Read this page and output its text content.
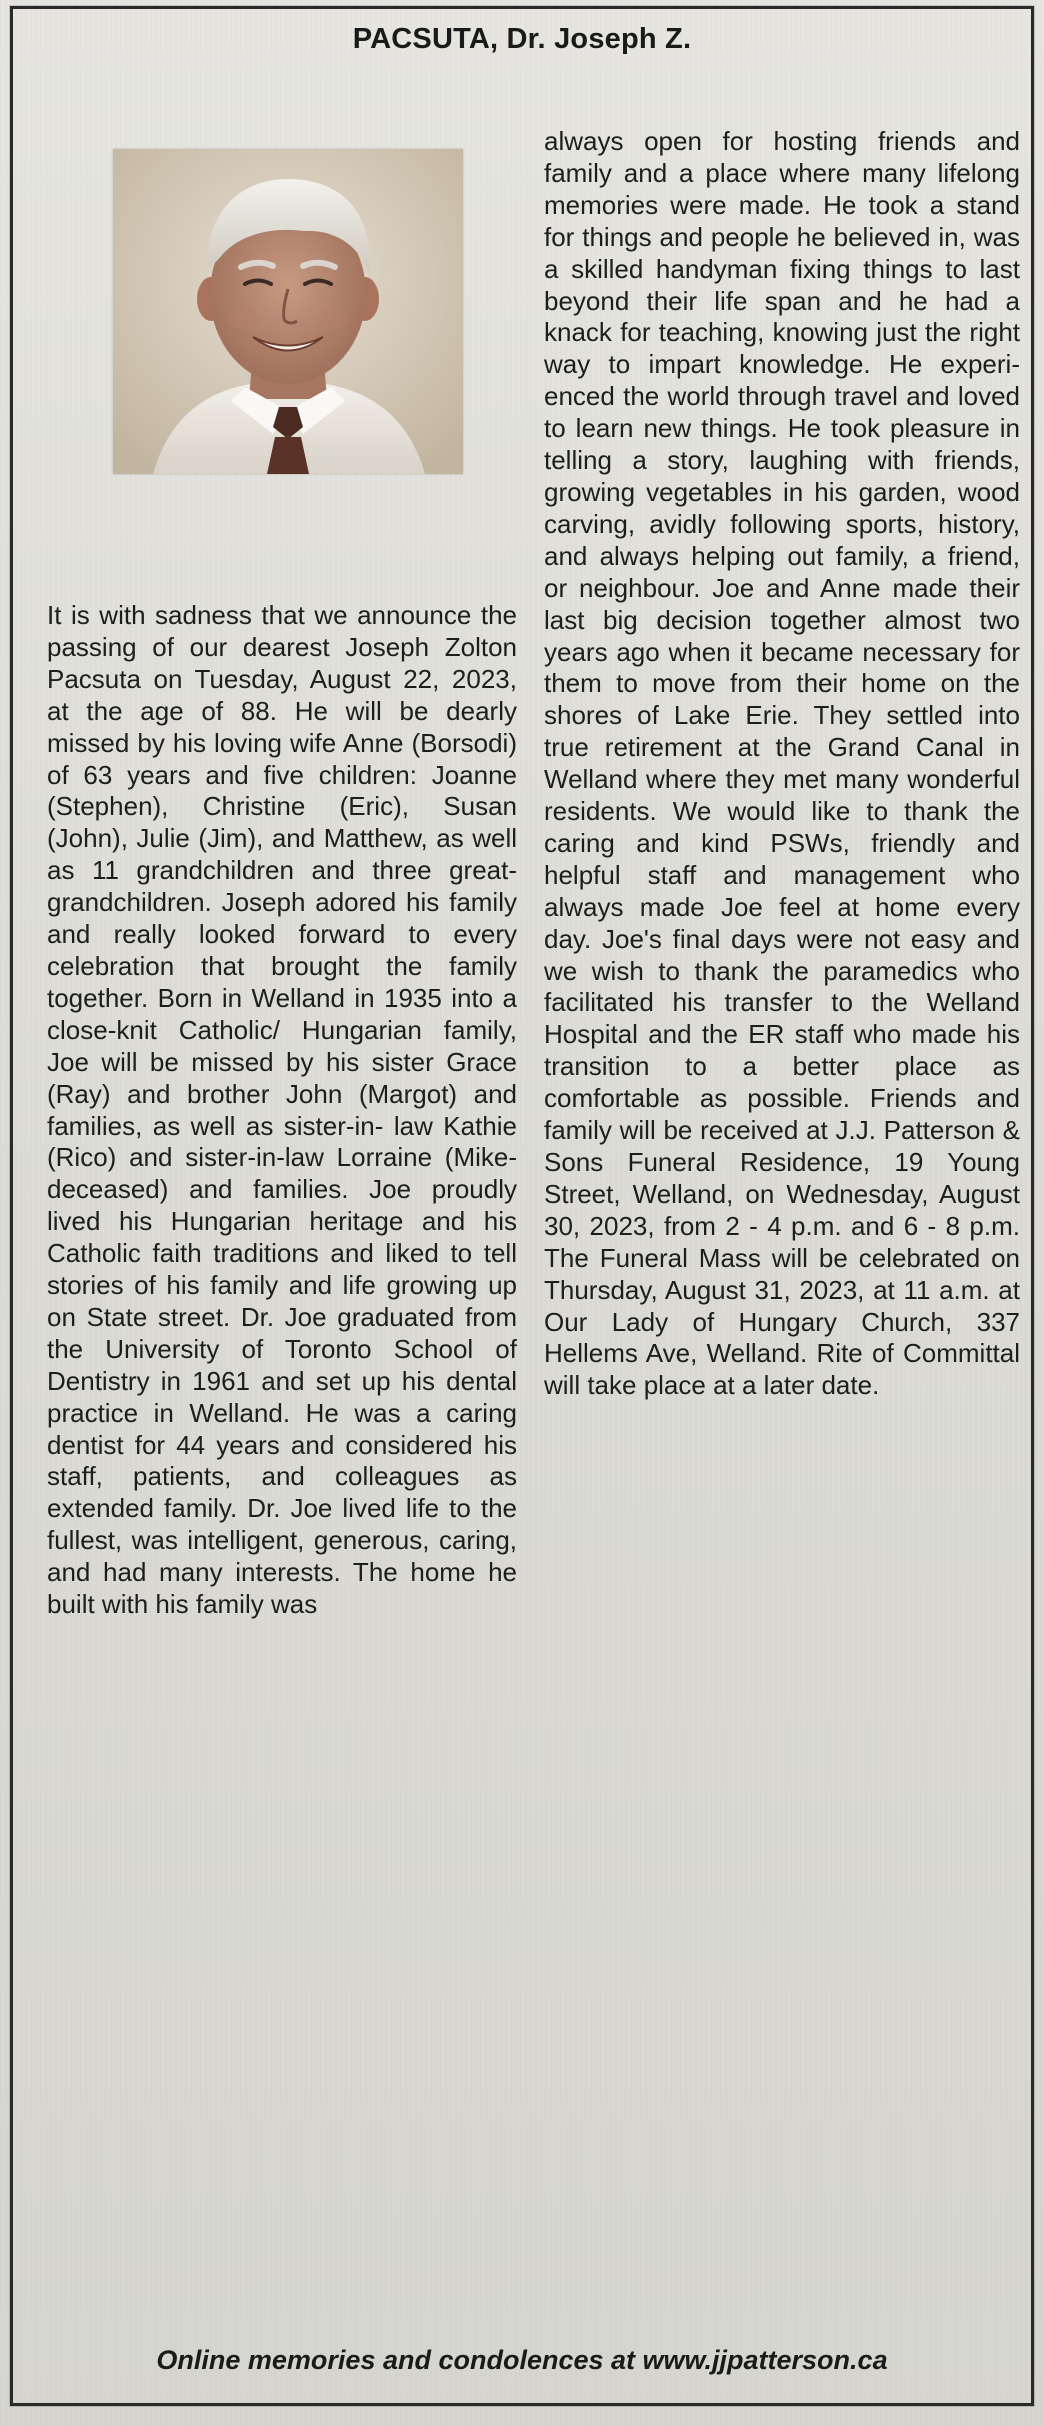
PACSUTA, Dr. Joseph Z.

It is with sadness that we announce the passing of our dearest Joseph Zolton Pacsuta on Tuesday, August 22, 2023, at the age of 88. He will be dearly missed by his loving wife Anne (Borsodi) of 63 years and five children: Joanne (Stephen), Christine (Eric), Susan (John), Julie (Jim), and Matthew, as well as 11 grandchildren and three great-grandchildren. Joseph adored his family and really looked forward to every celebration that brought the family together. Born in Welland in 1935 into a close-knit Catholic/ Hungarian family, Joe will be missed by his sister Grace (Ray) and brother John (Margot) and families, as well as sister-in- law Kathie (Rico) and sister-in-law Lorraine (Mike-deceased) and families. Joe proudly lived his Hungarian heritage and his Catholic faith traditions and liked to tell stories of his family and life growing up on State street. Dr. Joe graduated from the University of Toronto School of Dentistry in 1961 and set up his dental practice in Welland. He was a caring dentist for 44 years and considered his staff, patients, and colleagues as extended family. Dr. Joe lived life to the fullest, was intelligent, generous, caring, and had many interests. The home he built with his family was

always open for hosting friends and family and a place where many lifelong memories were made. He took a stand for things and people he believed in, was a skilled handyman fixing things to last beyond their life span and he had a knack for teaching, knowing just the right way to impart knowledge. He experienced the world through travel and loved to learn new things. He took pleasure in telling a story, laughing with friends, growing vegetables in his garden, wood carving, avidly following sports, history, and always helping out family, a friend, or neighbour. Joe and Anne made their last big decision together almost two years ago when it became necessary for them to move from their home on the shores of Lake Erie. They settled into true retirement at the Grand Canal in Welland where they met many wonderful residents. We would like to thank the caring and kind PSWs, friendly and helpful staff and management who always made Joe feel at home every day. Joe's final days were not easy and we wish to thank the paramedics who facilitated his transfer to the Welland Hospital and the ER staff who made his transition to a better place as comfortable as possible. Friends and family will be received at J.J. Patterson & Sons Funeral Residence, 19 Young Street, Welland, on Wednesday, August 30, 2023, from 2 - 4 p.m. and 6 - 8 p.m. The Funeral Mass will be celebrated on Thursday, August 31, 2023, at 11 a.m. at Our Lady of Hungary Church, 337 Hellems Ave, Welland. Rite of Committal will take place at a later date.

Online memories and condolences at www.jjpatterson.ca
